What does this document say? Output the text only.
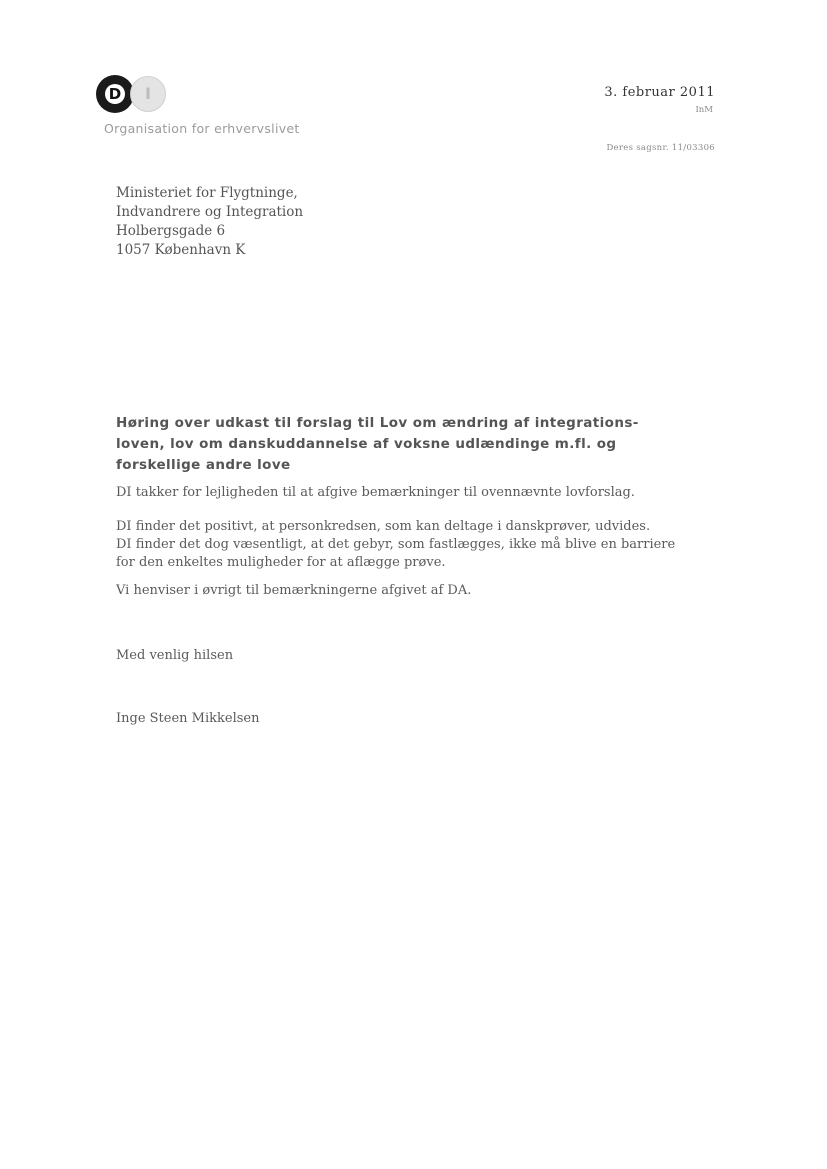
D	I
Organisation for erhvervslivet
3. februar 2011
InM
Deres sagsnr. 11/03306
Ministeriet for Flygtninge,
Indvandrere og Integration
Holbergsgade 6
1057 København K
Høring over udkast til forslag til Lov om ændring af integrations-
loven, lov om danskuddannelse af voksne udlændinge m.fl. og
forskellige andre love
DI takker for lejligheden til at afgive bemærkninger til ovennævnte lovforslag.
DI finder det positivt, at personkredsen, som kan deltage i danskprøver, udvides.
DI finder det dog væsentligt, at det gebyr, som fastlægges, ikke må blive en barriere
for den enkeltes muligheder for at aflægge prøve.
Vi henviser i øvrigt til bemærkningerne afgivet af DA.
Med venlig hilsen
Inge Steen Mikkelsen
